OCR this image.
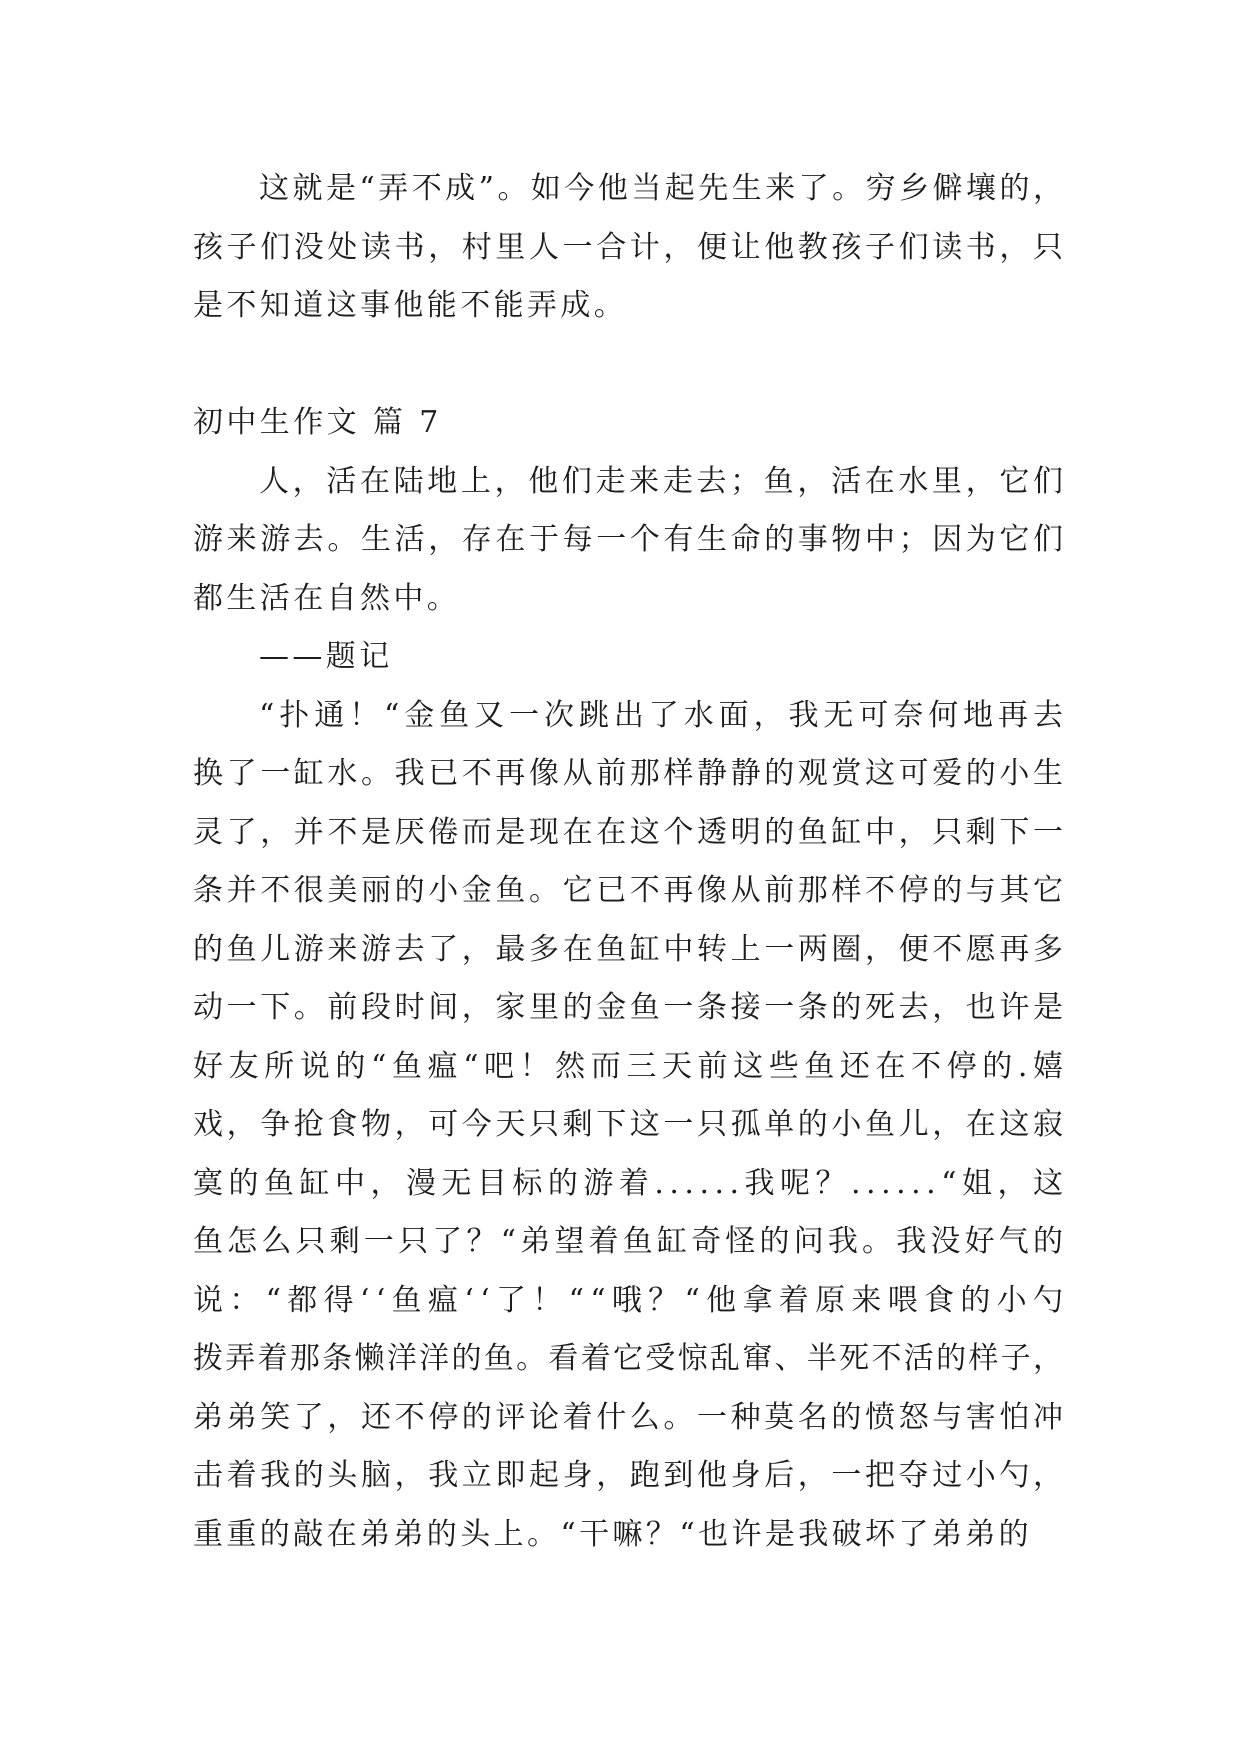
这就是“弄不成”。如今他当起先生来了。穷乡僻壤的，
孩子们没处读书，村里人一合计，便让他教孩子们读书，只
是不知道这事他能不能弄成。
初中生作文 篇 7
人，活在陆地上，他们走来走去；鱼，活在水里，它们
游来游去。生活，存在于每一个有生命的事物中；因为它们
都生活在自然中。
——题记
“扑通！“金鱼又一次跳出了水面，我无可奈何地再去
换了一缸水。我已不再像从前那样静静的观赏这可爱的小生
灵了，并不是厌倦而是现在在这个透明的鱼缸中，只剩下一
条并不很美丽的小金鱼。它已不再像从前那样不停的与其它
的鱼儿游来游去了，最多在鱼缸中转上一两圈，便不愿再多
动一下。前段时间，家里的金鱼一条接一条的死去，也许是
好友所说的“鱼瘟“吧！然而三天前这些鱼还在不停的.嬉
戏，争抢食物，可今天只剩下这一只孤单的小鱼儿，在这寂
寞的鱼缸中，漫无目标的游着......我呢？......“姐，这
鱼怎么只剩一只了？“弟望着鱼缸奇怪的问我。我没好气的
说：“都得‘‘鱼瘟‘‘了！““哦？“他拿着原来喂食的小勺
拨弄着那条懒洋洋的鱼。看着它受惊乱窜、半死不活的样子，
弟弟笑了，还不停的评论着什么。一种莫名的愤怒与害怕冲
击着我的头脑，我立即起身，跑到他身后，一把夺过小勺，
重重的敲在弟弟的头上。“干嘛？“也许是我破坏了弟弟的
